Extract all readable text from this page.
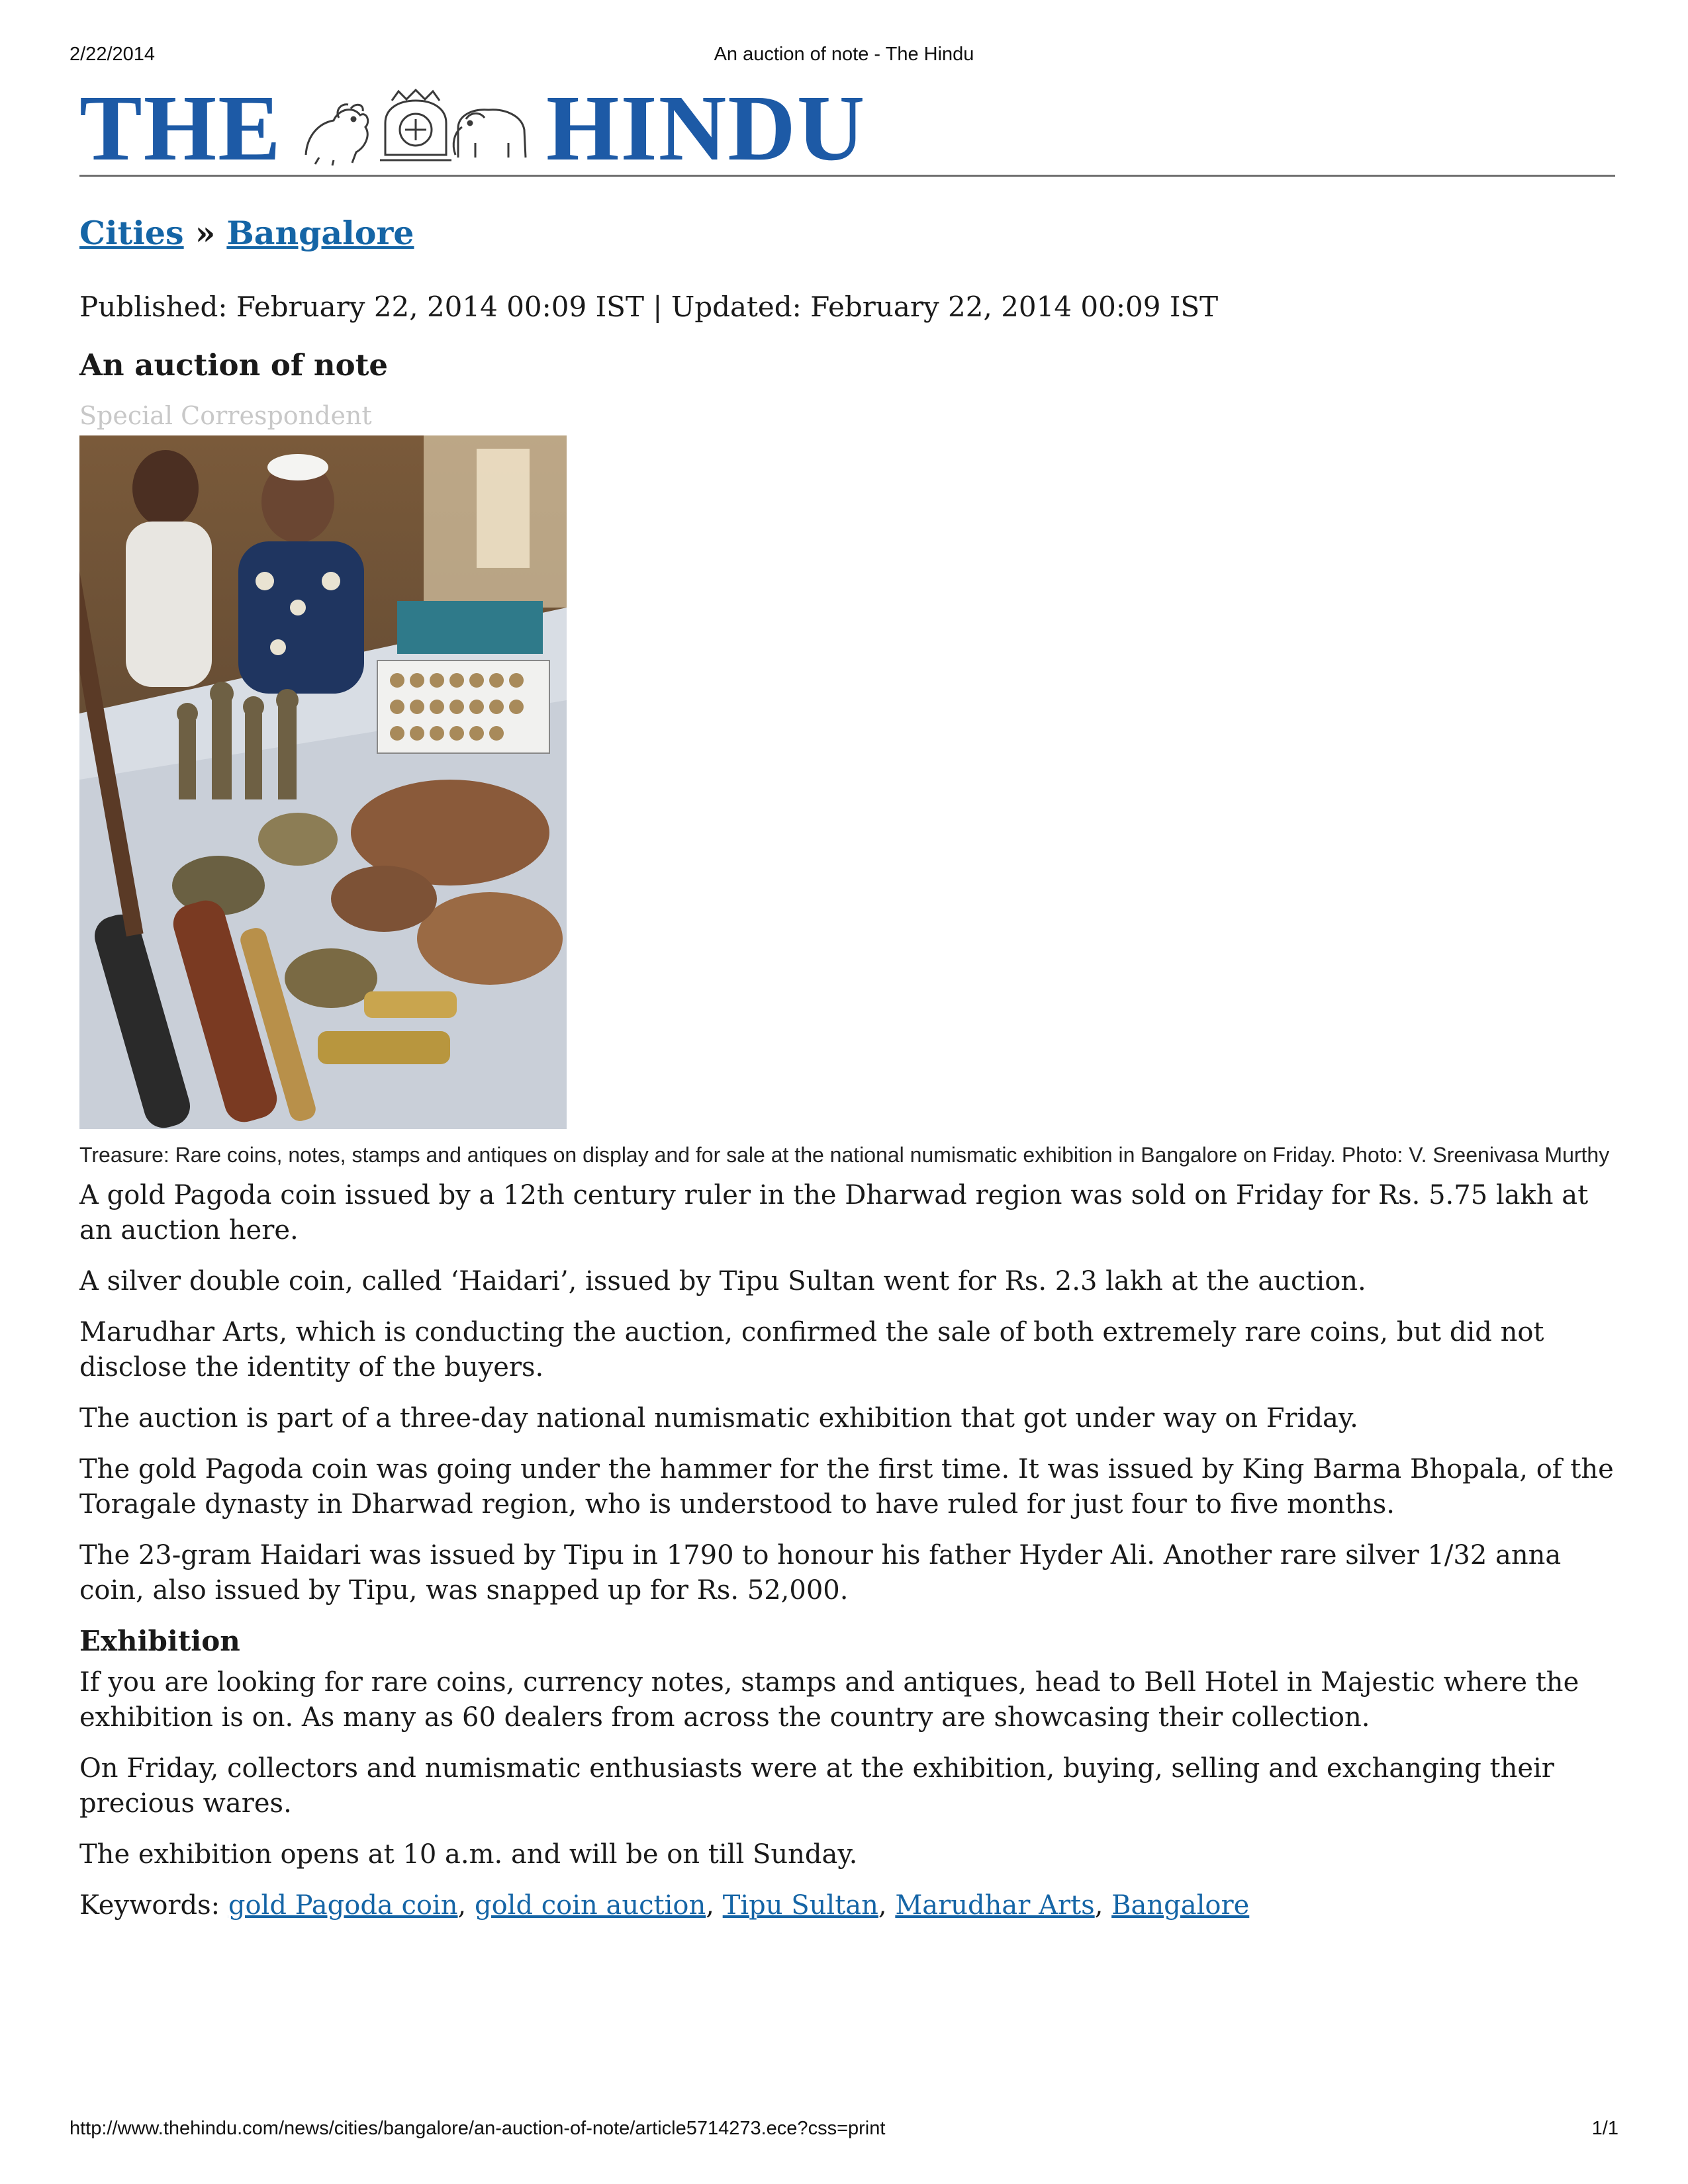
2/22/2014	An auction of note - The Hindu
THE	HINDU
Cities » Bangalore
Published: February 22, 2014 00:09 IST | Updated: February 22, 2014 00:09 IST
An auction of note
Special Correspondent
Treasure: Rare coins, notes, stamps and antiques on display and for sale at the national numismatic exhibition in Bangalore on Friday. Photo: V. Sreenivasa Murthy

A gold Pagoda coin issued by a 12th century ruler in the Dharwad region was sold on Friday for Rs. 5.75 lakh at an auction here.

A silver double coin, called ‘Haidari’, issued by Tipu Sultan went for Rs. 2.3 lakh at the auction.

Marudhar Arts, which is conducting the auction, confirmed the sale of both extremely rare coins, but did not disclose the identity of the buyers.

The auction is part of a three-day national numismatic exhibition that got under way on Friday.

The gold Pagoda coin was going under the hammer for the first time. It was issued by King Barma Bhopala, of the Toragale dynasty in Dharwad region, who is understood to have ruled for just four to five months.

The 23-gram Haidari was issued by Tipu in 1790 to honour his father Hyder Ali. Another rare silver 1/32 anna coin, also issued by Tipu, was snapped up for Rs. 52,000.

Exhibition

If you are looking for rare coins, currency notes, stamps and antiques, head to Bell Hotel in Majestic where the exhibition is on. As many as 60 dealers from across the country are showcasing their collection.

On Friday, collectors and numismatic enthusiasts were at the exhibition, buying, selling and exchanging their precious wares.

The exhibition opens at 10 a.m. and will be on till Sunday.

Keywords: gold Pagoda coin, gold coin auction, Tipu Sultan, Marudhar Arts, Bangalore
http://www.thehindu.com/news/cities/bangalore/an-auction-of-note/article5714273.ece?css=print	1/1
